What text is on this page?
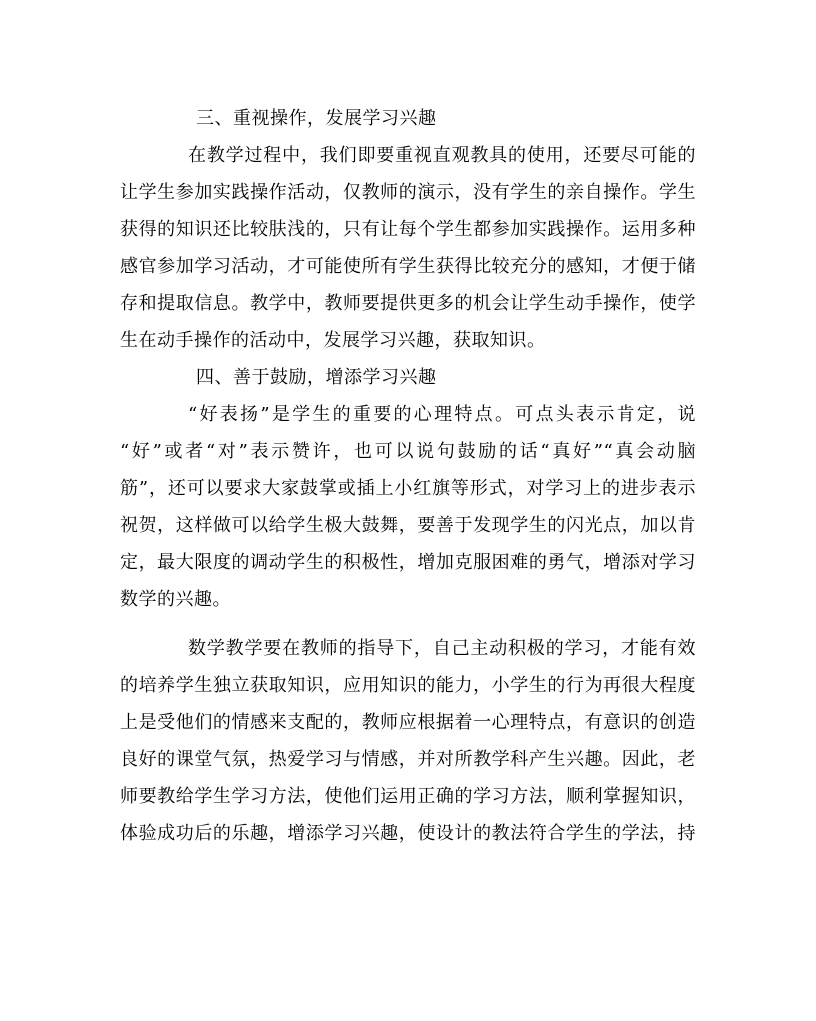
三、重视操作，发展学习兴趣
在教学过程中，我们即要重视直观教具的使用，还要尽可能的
让学生参加实践操作活动，仅教师的演示，没有学生的亲自操作。学生
获得的知识还比较肤浅的，只有让每个学生都参加实践操作。运用多种
感官参加学习活动，才可能使所有学生获得比较充分的感知，才便于储
存和提取信息。教学中，教师要提供更多的机会让学生动手操作，使学
生在动手操作的活动中，发展学习兴趣，获取知识。
四、善于鼓励，增添学习兴趣
“好表扬”是学生的重要的心理特点。可点头表示肯定，说
“好”或者“对”表示赞许，也可以说句鼓励的话“真好”“真会动脑
筋”，还可以要求大家鼓掌或插上小红旗等形式，对学习上的进步表示
祝贺，这样做可以给学生极大鼓舞，要善于发现学生的闪光点，加以肯
定，最大限度的调动学生的积极性，增加克服困难的勇气，增添对学习
数学的兴趣。
数学教学要在教师的指导下，自己主动积极的学习，才能有效
的培养学生独立获取知识，应用知识的能力，小学生的行为再很大程度
上是受他们的情感来支配的，教师应根据着一心理特点，有意识的创造
良好的课堂气氛，热爱学习与情感，并对所教学科产生兴趣。因此，老
师要教给学生学习方法，使他们运用正确的学习方法，顺利掌握知识，
体验成功后的乐趣，增添学习兴趣，使设计的教法符合学生的学法，持
